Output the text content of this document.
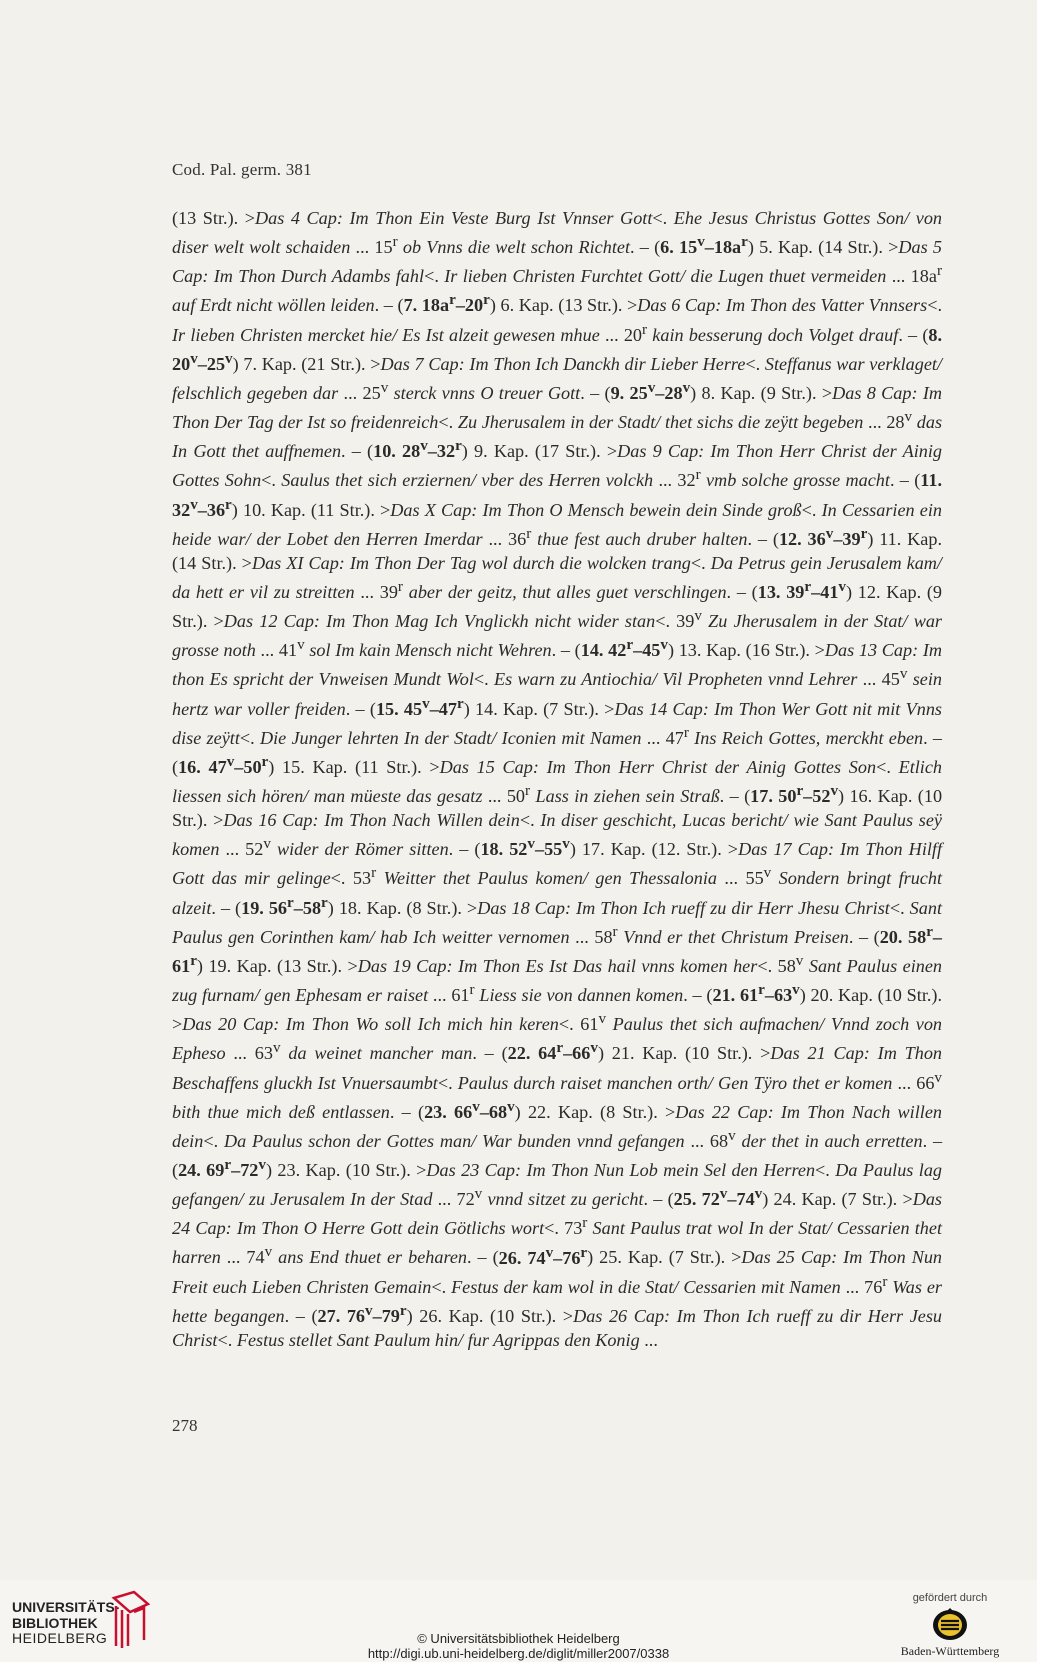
Cod. Pal. germ. 381

(13 Str.). >Das 4 Cap: Im Thon Ein Veste Burg Ist Vnnser Gott<. Ehe Jesus Christus Gottes Son/ von diser welt wolt schaiden ... 15$^r$ ob Vnns die welt schon Richtet. – (6. $15^v-18a^r$) 5. Kap. (14 Str.). >Das 5 Cap: Im Thon Durch Adambs fahl<. Ir lieben Christen Furchtet Gott/ die Lugen thuet vermeiden ... $18a^r$ auf Erdt nicht wöllen leiden. – (7. $18a^r-20^r$) 6. Kap. (13 Str.). >Das 6 Cap: Im Thon des Vatter Vnnsers<. Ir lieben Christen mercket hie/ Es Ist alzeit gewesen mhue ... 20$^r$ kain besserung doch Volget drauf. – (8. 20$^v$–25$^v$) 7. Kap. (21 Str.). >Das 7 Cap: Im Thon Ich Danckh dir Lieber Herre<. Steffanus war verklaget/ felschlich gegeben dar ... 25$^v$ sterck vnns O treuer Gott. – (9. 25$^v$–28$^v$) 8. Kap. (9 Str.). >Das 8 Cap: Im Thon Der Tag der Ist so freidenreich<. Zu Jherusalem in der Stadt/ thet sichs die zeÿtt begeben ... 28$^v$ das In Gott thet auffnemen. – (10. 28$^v$–32$^r$) 9. Kap. (17 Str.). >Das 9 Cap: Im Thon Herr Christ der Ainig Gottes Sohn<. Saulus thet sich erziernen/ vber des Herren volckh ... 32$^r$ vmb solche grosse macht. – (11. 32$^v$–36$^r$) 10. Kap. (11 Str.). >Das X Cap: Im Thon O Mensch bewein dein Sinde groß<. In Cessarien ein heide war/ der Lobet den Herren Imerdar ... 36$^r$ thue fest auch druber halten. – (12. 36$^v$–39$^r$) 11. Kap. (14 Str.). >Das XI Cap: Im Thon Der Tag wol durch die wolcken trang<. Da Petrus gein Jerusalem kam/ da hett er vil zu streitten ... 39$^r$ aber der geitz, thut alles guet verschlingen. – (13. 39$^r$–41$^v$) 12. Kap. (9 Str.). >Das 12 Cap: Im Thon Mag Ich Vnglickh nicht wider stan<. 39$^v$ Zu Jherusalem in der Stat/ war grosse noth ... 41$^v$ sol Im kain Mensch nicht Wehren. – (14. 42$^r$–45$^v$) 13. Kap. (16 Str.). >Das 13 Cap: Im thon Es spricht der Vnweisen Mundt Wol<. Es warn zu Antiochia/ Vil Propheten vnnd Lehrer ... 45$^v$ sein hertz war voller freiden. – (15. 45$^v$–47$^r$) 14. Kap. (7 Str.). >Das 14 Cap: Im Thon Wer Gott nit mit Vnns dise zeÿtt<. Die Junger lehrten In der Stadt/ Iconien mit Namen ... 47$^r$ Ins Reich Gottes, merckht eben. – (16. 47$^v$–50$^r$) 15. Kap. (11 Str.). >Das 15 Cap: Im Thon Herr Christ der Ainig Gottes Son<. Etlich liessen sich hören/ man müeste das gesatz ... 50$^r$ Lass in ziehen sein Straß. – (17. 50$^r$–52$^v$) 16. Kap. (10 Str.). >Das 16 Cap: Im Thon Nach Willen dein<. In diser geschicht, Lucas bericht/ wie Sant Paulus seÿ komen ... 52$^v$ wider der Römer sitten. – (18. 52$^v$–55$^v$) 17. Kap. (12. Str.). >Das 17 Cap: Im Thon Hilff Gott das mir gelinge<. 53$^r$ Weitter thet Paulus komen/ gen Thessalonia ... 55$^v$ Sondern bringt frucht alzeit. – (19. 56$^r$–58$^r$) 18. Kap. (8 Str.). >Das 18 Cap: Im Thon Ich rueff zu dir Herr Jhesu Christ<. Sant Paulus gen Corinthen kam/ hab Ich weitter vernomen ... 58$^r$ Vnnd er thet Christum Preisen. – (20. 58$^r$–61$^r$) 19. Kap. (13 Str.). >Das 19 Cap: Im Thon Es Ist Das hail vnns komen her<. 58$^v$ Sant Paulus einen zug furnam/ gen Ephesam er raiset ... 61$^r$ Liess sie von dannen komen. – (21. 61$^r$–63$^v$) 20. Kap. (10 Str.). >Das 20 Cap: Im Thon Wo soll Ich mich hin keren<. 61$^v$ Paulus thet sich aufmachen/ Vnnd zoch von Epheso ... 63$^v$ da weinet mancher man. – (22. 64$^r$–66$^v$) 21. Kap. (10 Str.). >Das 21 Cap: Im Thon Beschaffens gluckh Ist Vnuersaumbt<. Paulus durch raiset manchen orth/ Gen Tÿro thet er komen ... 66$^v$ bith thue mich deß entlassen. – (23. 66$^v$–68$^v$) 22. Kap. (8 Str.). >Das 22 Cap: Im Thon Nach willen dein<. Da Paulus schon der Gottes man/ War bunden vnnd gefangen ... 68$^v$ der thet in auch erretten. – (24. 69$^r$–72$^v$) 23. Kap. (10 Str.). >Das 23 Cap: Im Thon Nun Lob mein Sel den Herren<. Da Paulus lag gefangen/ zu Jerusalem In der Stad ... 72$^v$ vnnd sitzet zu gericht. – (25. 72$^v$–74$^v$) 24. Kap. (7 Str.). >Das 24 Cap: Im Thon O Herre Gott dein Götlichs wort<. 73$^r$ Sant Paulus trat wol In der Stat/ Cessarien thet harren ... 74$^v$ ans End thuet er beharen. – (26. 74$^v$–76$^r$) 25. Kap. (7 Str.). >Das 25 Cap: Im Thon Nun Freit euch Lieben Christen Gemain<. Festus der kam wol in die Stat/ Cessarien mit Namen ... 76$^r$ Was er hette begangen. – (27. 76$^v$–79$^r$) 26. Kap. (10 Str.). >Das 26 Cap: Im Thon Ich rueff zu dir Herr Jesu Christ<. Festus stellet Sant Paulum hin/ fur Agrippas den Konig ...

278
UNIVERSITÄTS-
BIBLIOTHEK
HEIDELBERG	© Universitätsbibliothek Heidelberg
http://digi.ub.uni-heidelberg.de/diglit/miller2007/0338
gefördert durch
Baden-Württemberg
